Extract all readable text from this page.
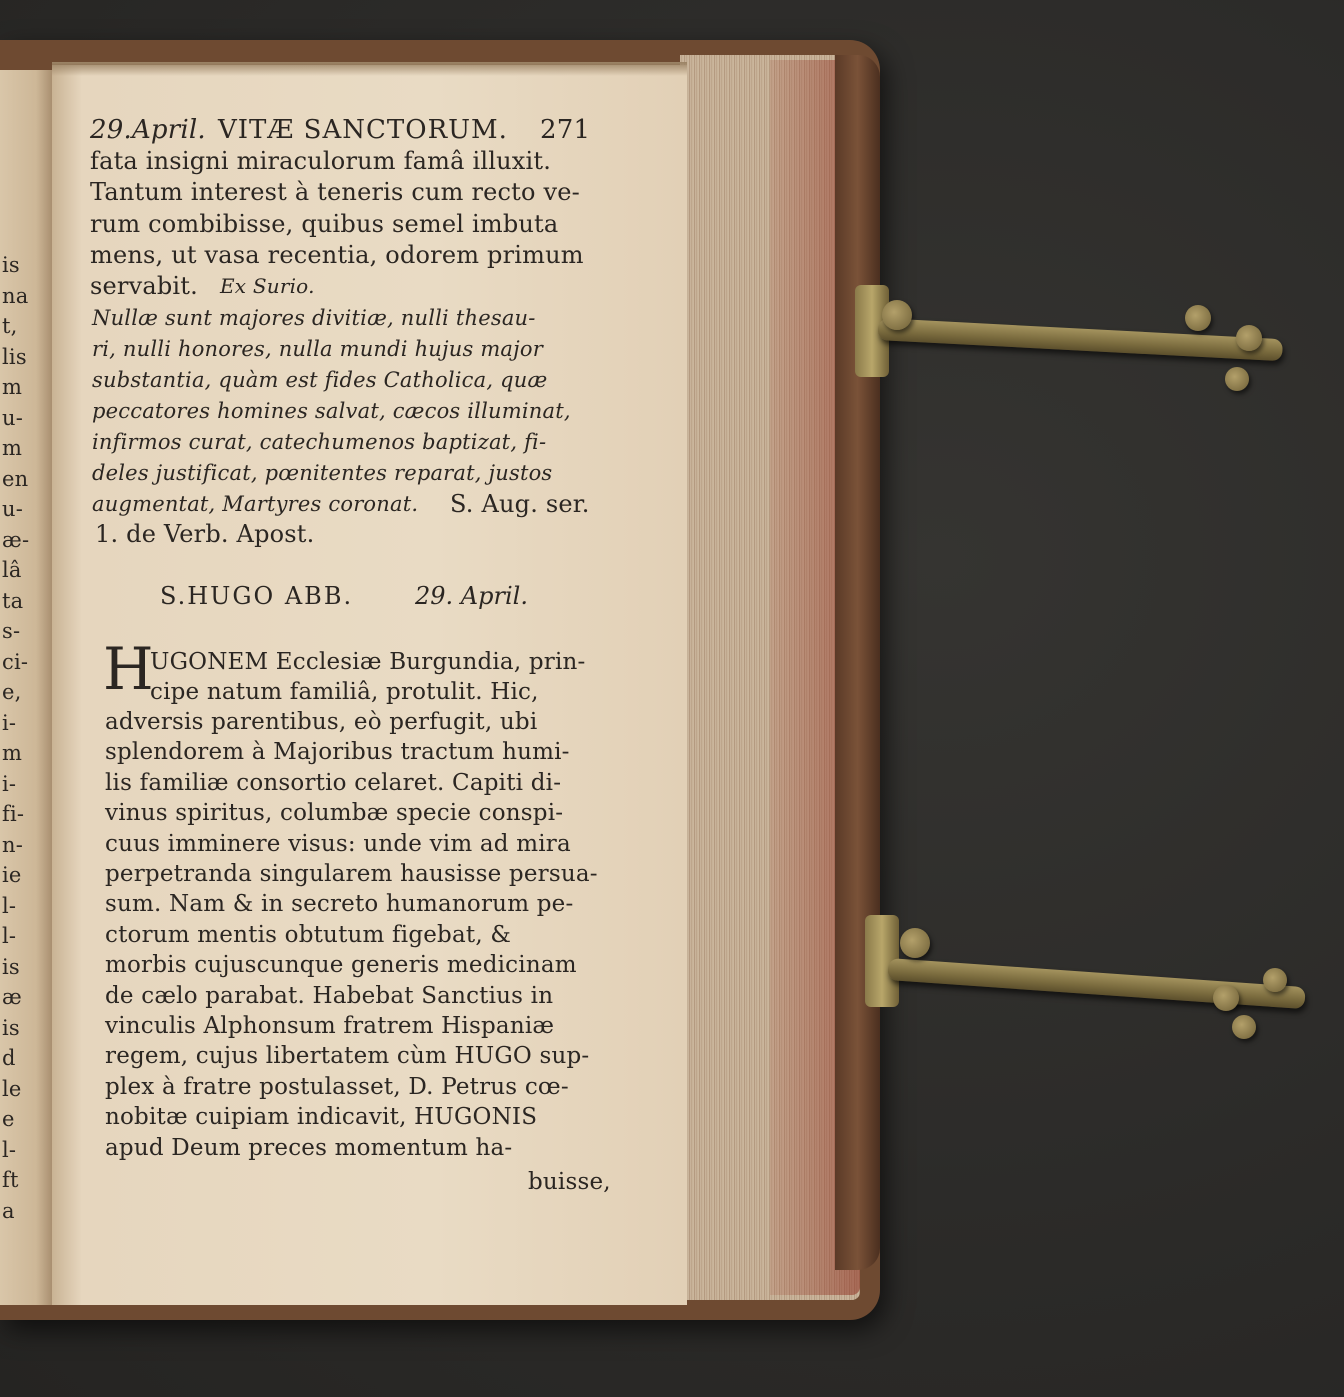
is
na
t,
lis
m
u-
m
en
u-
æ-
lâ
ta
s-
ci-
e,
i-
m
i-
fi-
n-
ie
l-
l-
is
æ
is
d
le
e
l-
ft
a
29.April. VITÆ SANCTORUM. 271
fata insigni miraculorum famâ illuxit.
Tantum interest à teneris cum recto ve-
rum combibisse, quibus semel imbuta
mens, ut vasa recentia, odorem primum
servabit. Ex Surio.
Nullæ sunt majores divitiæ, nulli thesau-
ri, nulli honores, nulla mundi hujus major
substantia, quàm est fides Catholica, quæ
peccatores homines salvat, cæcos illuminat,
infirmos curat, catechumenos baptizat, fi-
deles justificat, pœnitentes reparat, justos
augmentat, Martyres coronat. S. Aug. ser.
1. de Verb. Apost.
S.HUGO ABB.	29. April.
H
UGONEM Ecclesiæ Burgundia, prin-
cipe natum familiâ, protulit. Hic,
adversis parentibus, eò perfugit, ubi
splendorem à Majoribus tractum humi-
lis familiæ consortio celaret. Capiti di-
vinus spiritus, columbæ specie conspi-
cuus imminere visus: unde vim ad mira
perpetranda singularem hausisse persua-
sum. Nam & in secreto humanorum pe-
ctorum mentis obtutum figebat, &
morbis cujuscunque generis medicinam
de cælo parabat. Habebat Sanctius in
vinculis Alphonsum fratrem Hispaniæ
regem, cujus libertatem cùm HUGO sup-
plex à fratre postulasset, D. Petrus cœ-
nobitæ cuipiam indicavit, HUGONIS
apud Deum preces momentum ha-
buisse,
